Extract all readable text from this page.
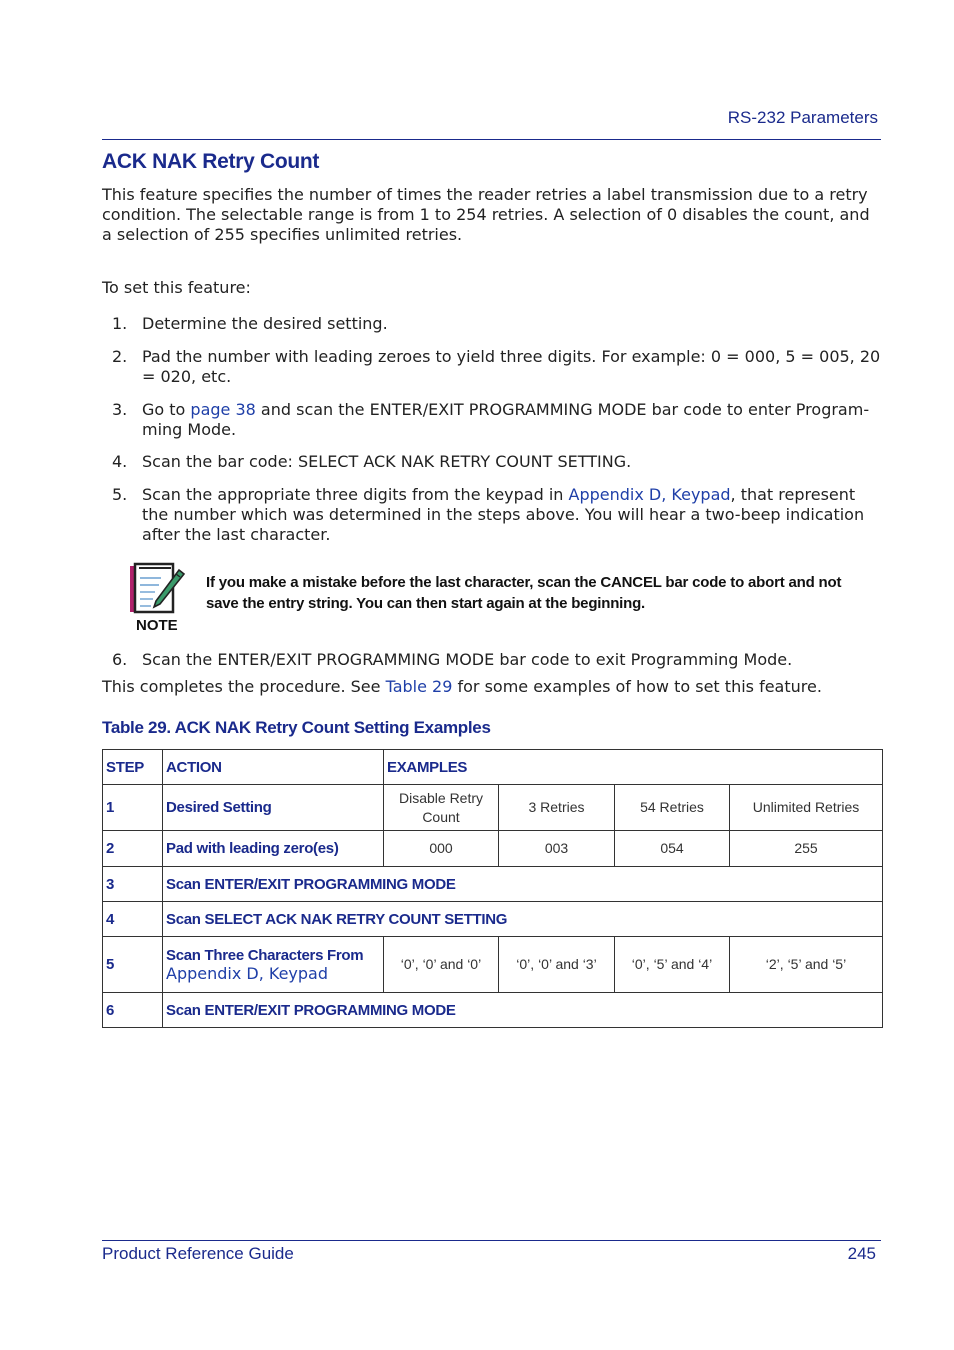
RS-232 Parameters
ACK NAK Retry Count
This feature specifies the number of times the reader retries a label transmission due to a retry condition. The selectable range is from 1 to 254 retries. A selection of 0 disables the count, and a selection of 255 specifies unlimited retries.
To set this feature:
1. Determine the desired setting.
2. Pad the number with leading zeroes to yield three digits. For example: 0 = 000, 5 = 005, 20 = 020, etc.
3. Go to page 38 and scan the ENTER/EXIT PROGRAMMING MODE bar code to enter Program-ming Mode.
4. Scan the bar code: SELECT ACK NAK RETRY COUNT SETTING.
5. Scan the appropriate three digits from the keypad in Appendix D, Keypad, that represent the number which was determined in the steps above. You will hear a two-beep indication after the last character.
NOTE
If you make a mistake before the last character, scan the CANCEL bar code to abort and not save the entry string. You can then start again at the beginning.
6. Scan the ENTER/EXIT PROGRAMMING MODE bar code to exit Programming Mode.
This completes the procedure. See Table 29 for some examples of how to set this feature.
Table 29. ACK NAK Retry Count Setting Examples
STEP	ACTION	EXAMPLES			
1	Desired Setting	Disable Retry Count	3 Retries	54 Retries	Unlimited Retries
2	Pad with leading zero(es)	000	003	054	255
3	Scan ENTER/EXIT PROGRAMMING MODE				
4	Scan SELECT ACK NAK RETRY COUNT SETTING				
5	Scan Three Characters From
Appendix D, Keypad	‘0’, ‘0’ and ‘0’	‘0’, ‘0’ and ‘3’	‘0’, ‘5’ and ‘4’	‘2’, ‘5’ and ‘5’
6	Scan ENTER/EXIT PROGRAMMING MODE				
Product Reference Guide	245
